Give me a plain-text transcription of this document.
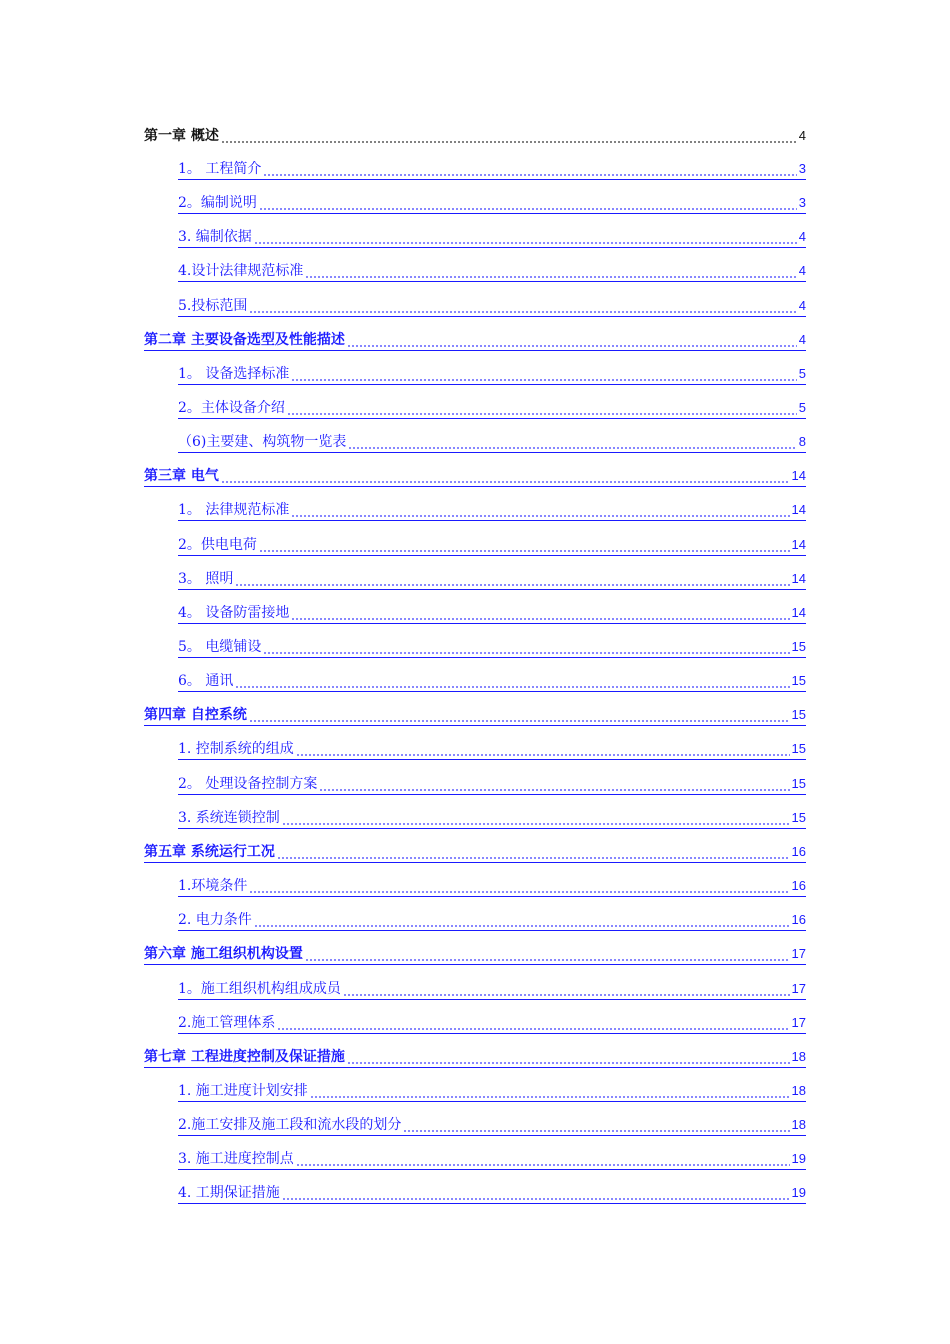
第一章 概述	4
1。 工程简介	3
2。编制说明	3
3. 编制依据	4
4.设计法律规范标准	4
5.投标范围	4
第二章 主要设备选型及性能描述	4
1。 设备选择标准	5
2。主体设备介绍	5
（6)主要建、构筑物一览表	8
第三章 电气	14
1。 法律规范标准	14
2。供电电荷	14
3。 照明	14
4。 设备防雷接地	14
5。 电缆铺设	15
6。 通讯	15
第四章 自控系统	15
1. 控制系统的组成	15
2。 处理设备控制方案	15
3. 系统连锁控制	15
第五章 系统运行工况	16
1.环境条件	16
2. 电力条件	16
第六章 施工组织机构设置	17
1。施工组织机构组成成员	17
2.施工管理体系	17
第七章 工程进度控制及保证措施	18
1. 施工进度计划安排	18
2.施工安排及施工段和流水段的划分	18
3. 施工进度控制点	19
4. 工期保证措施	19
